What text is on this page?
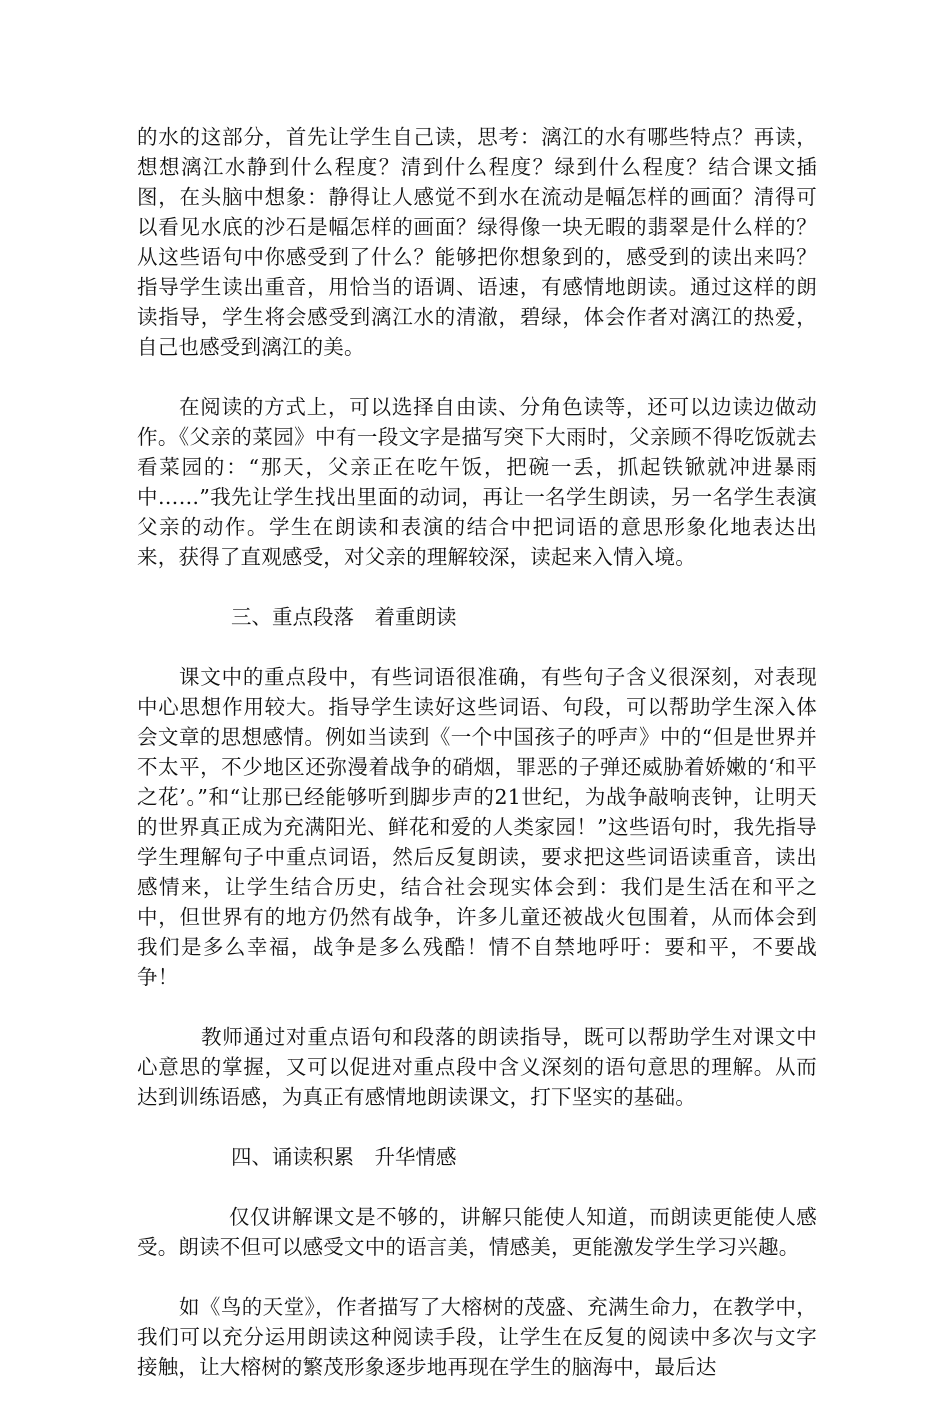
的水的这部分，首先让学生自己读，思考：漓江的水有哪些特点？再读，想想漓江水静到什么程度？清到什么程度？绿到什么程度？结合课文插图，在头脑中想象：静得让人感觉不到水在流动是幅怎样的画面？清得可以看见水底的沙石是幅怎样的画面？绿得像一块无暇的翡翠是什么样的？从这些语句中你感受到了什么？能够把你想象到的，感受到的读出来吗？指导学生读出重音，用恰当的语调、语速，有感情地朗读。通过这样的朗读指导，学生将会感受到漓江水的清澈，碧绿，体会作者对漓江的热爱，自己也感受到漓江的美。

在阅读的方式上，可以选择自由读、分角色读等，还可以边读边做动作。《父亲的菜园》中有一段文字是描写突下大雨时，父亲顾不得吃饭就去看菜园的：“那天，父亲正在吃午饭，把碗一丢，抓起铁锨就冲进暴雨中……”我先让学生找出里面的动词，再让一名学生朗读，另一名学生表演父亲的动作。学生在朗读和表演的结合中把词语的意思形象化地表达出来，获得了直观感受，对父亲的理解较深，读起来入情入境。

三、重点段落　着重朗读

课文中的重点段中，有些词语很准确，有些句子含义很深刻，对表现中心思想作用较大。指导学生读好这些词语、句段，可以帮助学生深入体会文章的思想感情。例如当读到《一个中国孩子的呼声》中的“但是世界并不太平，不少地区还弥漫着战争的硝烟，罪恶的子弹还威胁着娇嫩的‘和平之花’。”和“让那已经能够听到脚步声的21世纪，为战争敲响丧钟，让明天的世界真正成为充满阳光、鲜花和爱的人类家园！”这些语句时，我先指导学生理解句子中重点词语，然后反复朗读，要求把这些词语读重音，读出感情来，让学生结合历史，结合社会现实体会到：我们是生活在和平之中，但世界有的地方仍然有战争，许多儿童还被战火包围着，从而体会到我们是多么幸福，战争是多么残酷！情不自禁地呼吁：要和平，不要战争！

教师通过对重点语句和段落的朗读指导，既可以帮助学生对课文中心意思的掌握，又可以促进对重点段中含义深刻的语句意思的理解。从而达到训练语感，为真正有感情地朗读课文，打下坚实的基础。

四、诵读积累　升华情感

仅仅讲解课文是不够的，讲解只能使人知道，而朗读更能使人感受。朗读不但可以感受文中的语言美，情感美，更能激发学生学习兴趣。

如《鸟的天堂》，作者描写了大榕树的茂盛、充满生命力，在教学中，我们可以充分运用朗读这种阅读手段，让学生在反复的阅读中多次与文字接触，让大榕树的繁茂形象逐步地再现在学生的脑海中，最后达
